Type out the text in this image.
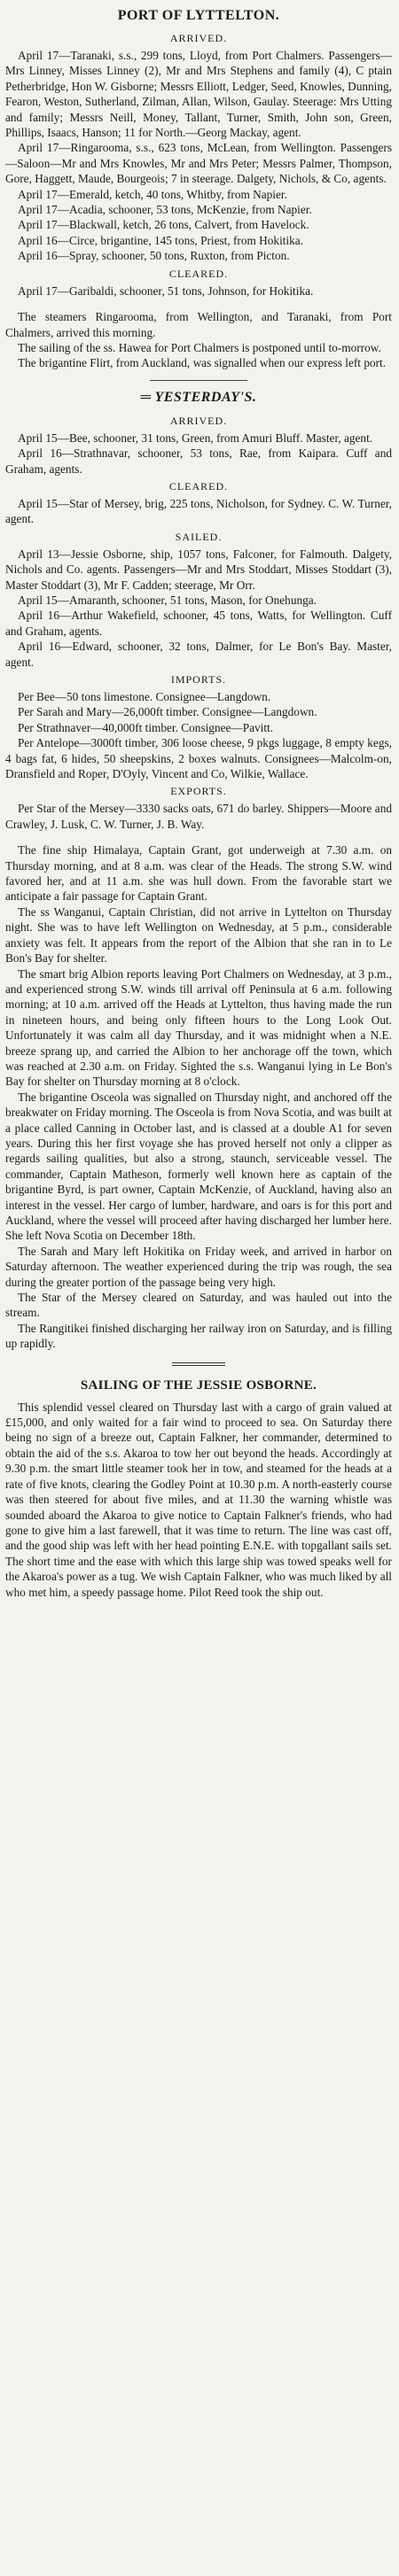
PORT OF LYTTELTON.
ARRIVED.

April 17—Taranaki, s.s., 299 tons, Lloyd, from Port Chalmers. Passengers—Mrs Linney, Misses Linney (2), Mr and Mrs Stephens and family (4), C ptain Petherbridge, Hon W. Gisborne; Messrs Elliott, Ledger, Seed, Knowles, Dunning, Fearon, Weston, Sutherland, Zilman, Allan, Wilson, Gaulay. Steerage: Mrs Utting and family; Messrs Neill, Money, Tallant, Turner, Smith, John son, Green, Phillips, Isaacs, Hanson; 11 for North.—Georg Mackay, agent.

April 17—Ringarooma, s.s., 623 tons, McLean, from Wellington. Passengers—Saloon—Mr and Mrs Knowles, Mr and Mrs Peter; Messrs Palmer, Thompson, Gore, Haggett, Maude, Bourgeois; 7 in steerage. Dalgety, Nichols, & Co, agents.

April 17—Emerald, ketch, 40 tons, Whitby, from Napier.

April 17—Acadia, schooner, 53 tons, McKenzie, from Napier.

April 17—Blackwall, ketch, 26 tons, Calvert, from Havelock.

April 16—Circe, brigantine, 145 tons, Priest, from Hokitika.

April 16—Spray, schooner, 50 tons, Ruxton, from Picton.

CLEARED.

April 17—Garibaldi, schooner, 51 tons, Johnson, for Hokitika.

The steamers Ringarooma, from Wellington, and Taranaki, from Port Chalmers, arrived this morning.

The sailing of the ss. Hawea for Port Chalmers is postponed until to-morrow.

The brigantine Flirt, from Auckland, was signalled when our express left port.

═ YESTERDAY'S.
ARRIVED.

April 15—Bee, schooner, 31 tons, Green, from Amuri Bluff. Master, agent.

April 16—Strathnavar, schooner, 53 tons, Rae, from Kaipara. Cuff and Graham, agents.

CLEARED.

April 15—Star of Mersey, brig, 225 tons, Nicholson, for Sydney. C. W. Turner, agent.

SAILED.

April 13—Jessie Osborne, ship, 1057 tons, Falconer, for Falmouth. Dalgety, Nichols and Co. agents. Passengers—Mr and Mrs Stoddart, Misses Stoddart (3), Master Stoddart (3), Mr F. Cadden; steerage, Mr Orr.

April 15—Amaranth, schooner, 51 tons, Mason, for Onehunga.

April 16—Arthur Wakefield, schooner, 45 tons, Watts, for Wellington. Cuff and Graham, agents.

April 16—Edward, schooner, 32 tons, Dalmer, for Le Bon's Bay. Master, agent.

IMPORTS.

Per Bee—50 tons limestone. Consignee—Langdown.

Per Sarah and Mary—26,000ft timber. Consignee—Langdown.

Per Strathnaver—40,000ft timber. Consignee—Pavitt.

Per Antelope—3000ft timber, 306 loose cheese, 9 pkgs luggage, 8 empty kegs, 4 bags fat, 6 hides, 50 sheepskins, 2 boxes walnuts. Consignees—Malcolm-on, Dransfield and Roper, D'Oyly, Vincent and Co, Wilkie, Wallace.

EXPORTS.

Per Star of the Mersey—3330 sacks oats, 671 do barley. Shippers—Moore and Crawley, J. Lusk, C. W. Turner, J. B. Way.

The fine ship Himalaya, Captain Grant, got underweigh at 7.30 a.m. on Thursday morning, and at 8 a.m. was clear of the Heads. The strong S.W. wind favored her, and at 11 a.m. she was hull down. From the favorable start we anticipate a fair passage for Captain Grant.

The ss Wanganui, Captain Christian, did not arrive in Lyttelton on Thursday night. She was to have left Wellington on Wednesday, at 5 p.m., considerable anxiety was felt. It appears from the report of the Albion that she ran in to Le Bon's Bay for shelter.

The smart brig Albion reports leaving Port Chalmers on Wednesday, at 3 p.m., and experienced strong S.W. winds till arrival off Peninsula at 6 a.m. following morning; at 10 a.m. arrived off the Heads at Lyttelton, thus having made the run in nineteen hours, and being only fifteen hours to the Long Look Out. Unfortunately it was calm all day Thursday, and it was midnight when a N.E. breeze sprang up, and carried the Albion to her anchorage off the town, which was reached at 2.30 a.m. on Friday. Sighted the s.s. Wanganui lying in Le Bon's Bay for shelter on Thursday morning at 8 o'clock.

The brigantine Osceola was signalled on Thursday night, and anchored off the breakwater on Friday morning. The Osceola is from Nova Scotia, and was built at a place called Canning in October last, and is classed at a double A1 for seven years. During this her first voyage she has proved herself not only a clipper as regards sailing qualities, but also a strong, staunch, serviceable vessel. The commander, Captain Matheson, formerly well known here as captain of the brigantine Byrd, is part owner, Captain McKenzie, of Auckland, having also an interest in the vessel. Her cargo of lumber, hardware, and oars is for this port and Auckland, where the vessel will proceed after having discharged her lumber here. She left Nova Scotia on December 18th.

The Sarah and Mary left Hokitika on Friday week, and arrived in harbor on Saturday afternoon. The weather experienced during the trip was rough, the sea during the greater portion of the passage being very high.

The Star of the Mersey cleared on Saturday, and was hauled out into the stream.

The Rangitikei finished discharging her railway iron on Saturday, and is filling up rapidly.

SAILING OF THE JESSIE OSBORNE.

This splendid vessel cleared on Thursday last with a cargo of grain valued at £15,000, and only waited for a fair wind to proceed to sea. On Saturday there being no sign of a breeze out, Captain Falkner, her commander, determined to obtain the aid of the s.s. Akaroa to tow her out beyond the heads. Accordingly at 9.30 p.m. the smart little steamer took her in tow, and steamed for the heads at a rate of five knots, clearing the Godley Point at 10.30 p.m. A north-easterly course was then steered for about five miles, and at 11.30 the warning whistle was sounded aboard the Akaroa to give notice to Captain Falkner's friends, who had gone to give him a last farewell, that it was time to return. The line was cast off, and the good ship was left with her head pointing E.N.E. with topgallant sails set. The short time and the ease with which this large ship was towed speaks well for the Akaroa's power as a tug. We wish Captain Falkner, who was much liked by all who met him, a speedy passage home. Pilot Reed took the ship out.
